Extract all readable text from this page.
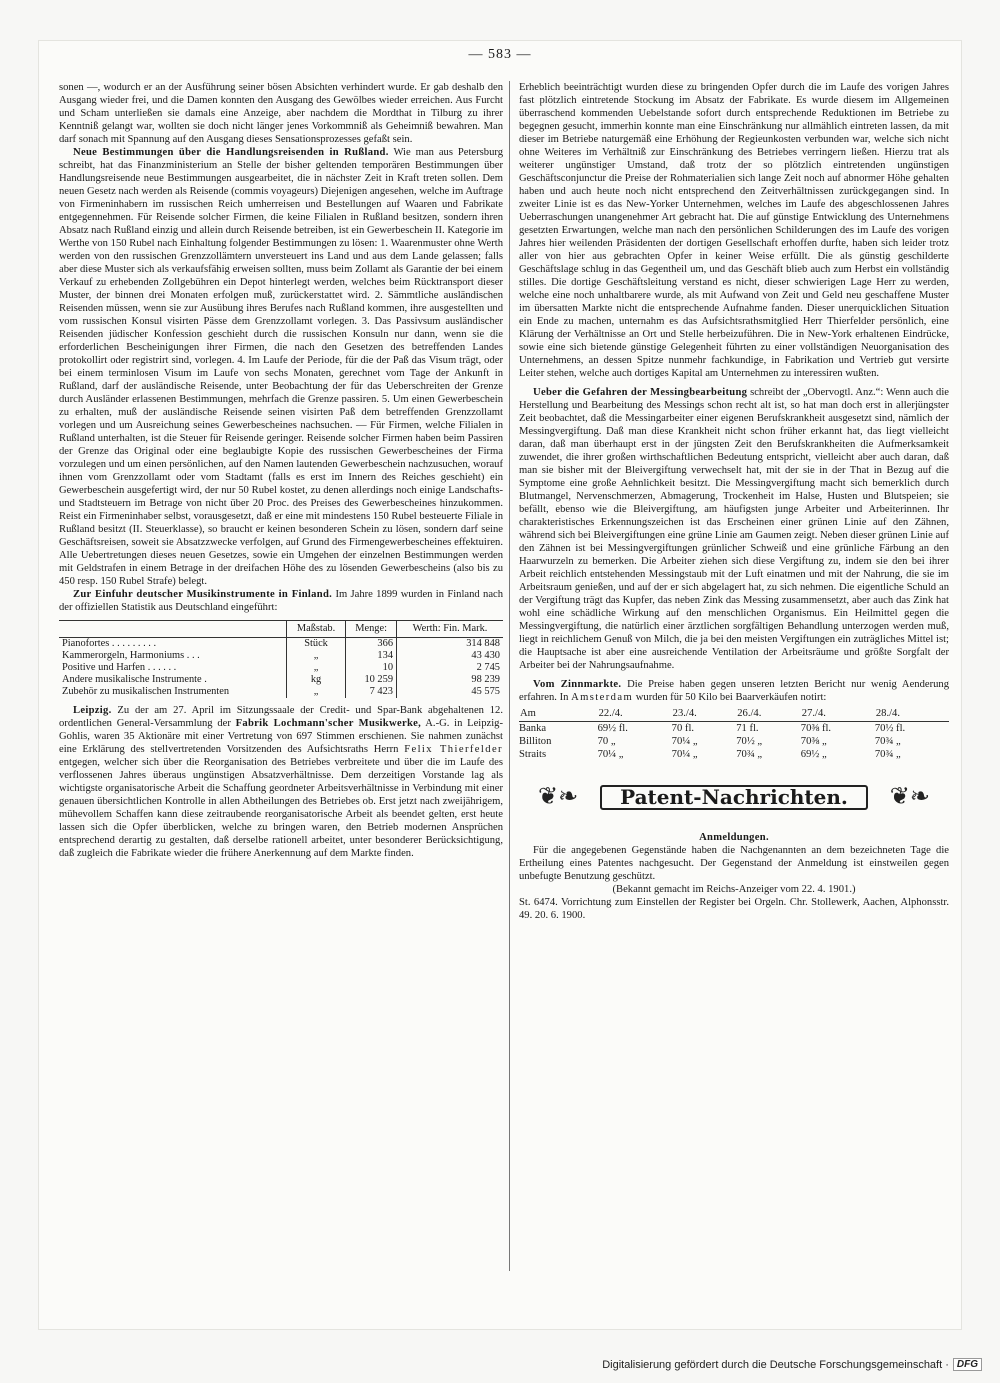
— 583 —

sonen —, wodurch er an der Ausführung seiner bösen Absichten verhindert wurde. Er gab deshalb den Ausgang wieder frei, und die Damen konnten den Ausgang des Gewölbes wieder erreichen. Aus Furcht und Scham unterließen sie damals eine Anzeige, aber nachdem die Mordthat in Tilburg zu ihrer Kenntniß gelangt war, wollten sie doch nicht länger jenes Vorkommniß als Geheimniß bewahren. Man darf sonach mit Spannung auf den Ausgang dieses Sensationsprozesses gefaßt sein.

Neue Bestimmungen über die Handlungsreisenden in Rußland. Wie man aus Petersburg schreibt, hat das Finanzministerium an Stelle der bisher geltenden temporären Bestimmungen über Handlungsreisende neue Bestimmungen ausgearbeitet, die in nächster Zeit in Kraft treten sollen. Dem neuen Gesetz nach werden als Reisende (commis voyageurs) Diejenigen angesehen, welche im Auftrage von Firmeninhabern im russischen Reich umherreisen und Bestellungen auf Waaren und Fabrikate entgegennehmen. Für Reisende solcher Firmen, die keine Filialen in Rußland besitzen, sondern ihren Absatz nach Rußland einzig und allein durch Reisende betreiben, ist ein Gewerbeschein II. Kategorie im Werthe von 150 Rubel nach Einhaltung folgender Bestimmungen zu lösen: 1. Waarenmuster ohne Werth werden von den russischen Grenzzollämtern unversteuert ins Land und aus dem Lande gelassen; falls aber diese Muster sich als verkaufsfähig erweisen sollten, muss beim Zollamt als Garantie der bei einem Verkauf zu erhebenden Zollgebühren ein Depot hinterlegt werden, welches beim Rücktransport dieser Muster, der binnen drei Monaten erfolgen muß, zurückerstattet wird. 2. Sämmtliche ausländischen Reisenden müssen, wenn sie zur Ausübung ihres Berufes nach Rußland kommen, ihre ausgestellten und vom russischen Konsul visirten Pässe dem Grenzzollamt vorlegen. 3. Das Passivsum ausländischer Reisenden jüdischer Konfession geschieht durch die russischen Konsuln nur dann, wenn sie die erforderlichen Bescheinigungen ihrer Firmen, die nach den Gesetzen des betreffenden Landes protokollirt oder registrirt sind, vorlegen. 4. Im Laufe der Periode, für die der Paß das Visum trägt, oder bei einem terminlosen Visum im Laufe von sechs Monaten, gerechnet vom Tage der Ankunft in Rußland, darf der ausländische Reisende, unter Beobachtung der für das Ueberschreiten der Grenze durch Ausländer erlassenen Bestimmungen, mehrfach die Grenze passiren. 5. Um einen Gewerbeschein zu erhalten, muß der ausländische Reisende seinen visirten Paß dem betreffenden Grenzzollamt vorlegen und um Ausreichung seines Gewerbescheines nachsuchen. — Für Firmen, welche Filialen in Rußland unterhalten, ist die Steuer für Reisende geringer. Reisende solcher Firmen haben beim Passiren der Grenze das Original oder eine beglaubigte Kopie des russischen Gewerbescheines der Firma vorzulegen und um einen persönlichen, auf den Namen lautenden Gewerbeschein nachzusuchen, worauf ihnen vom Grenzzollamt oder vom Stadtamt (falls es erst im Innern des Reiches geschieht) ein Gewerbeschein ausgefertigt wird, der nur 50 Rubel kostet, zu denen allerdings noch einige Landschafts- und Stadtsteuern im Betrage von nicht über 20 Proc. des Preises des Gewerbescheines hinzukommen. Reist ein Firmeninhaber selbst, vorausgesetzt, daß er eine mit mindestens 150 Rubel besteuerte Filiale in Rußland besitzt (II. Steuerklasse), so braucht er keinen besonderen Schein zu lösen, sondern darf seine Geschäftsreisen, soweit sie Absatzzwecke verfolgen, auf Grund des Firmengewerbescheines effektuiren. Alle Uebertretungen dieses neuen Gesetzes, sowie ein Umgehen der einzelnen Bestimmungen werden mit Geldstrafen in einem Betrage in der dreifachen Höhe des zu lösenden Gewerbescheins (also bis zu 450 resp. 150 Rubel Strafe) belegt.

Zur Einfuhr deutscher Musikinstrumente in Finland. Im Jahre 1899 wurden in Finland nach der offiziellen Statistik aus Deutschland eingeführt:

	Maßstab.	Menge:	Werth: Fin. Mark.
Pianofortes . . . . . . . . .	Stück	366	314 848
Kammerorgeln, Harmoniums . . .	„	134	43 430
Positive und Harfen . . . . . .	„	10	2 745
Andere musikalische Instrumente .	kg	10 259	98 239
Zubehör zu musikalischen Instrumenten	„	7 423	45 575

Leipzig. Zu der am 27. April im Sitzungssaale der Credit- und Spar-Bank abgehaltenen 12. ordentlichen General-Versammlung der Fabrik Lochmann'scher Musikwerke, A.-G. in Leipzig-Gohlis, waren 35 Aktionäre mit einer Vertretung von 697 Stimmen erschienen. Sie nahmen zunächst eine Erklärung des stellvertretenden Vorsitzenden des Aufsichtsraths Herrn Felix Thierfelder entgegen, welcher sich über die Reorganisation des Betriebes verbreitete und über die im Laufe des verflossenen Jahres überaus ungünstigen Absatzverhältnisse. Dem derzeitigen Vorstande lag als wichtigste organisatorische Arbeit die Schaffung geordneter Arbeitsverhältnisse in Verbindung mit einer genauen übersichtlichen Kontrolle in allen Abtheilungen des Betriebes ob. Erst jetzt nach zweijährigem, mühevollem Schaffen kann diese zeitraubende reorganisatorische Arbeit als beendet gelten, erst heute lassen sich die Opfer überblicken, welche zu bringen waren, den Betrieb modernen Ansprüchen entsprechend derartig zu gestalten, daß derselbe rationell arbeitet, unter besonderer Berücksichtigung, daß zugleich die Fabrikate wieder die frühere Anerkennung auf dem Markte finden.

Erheblich beeinträchtigt wurden diese zu bringenden Opfer durch die im Laufe des vorigen Jahres fast plötzlich eintretende Stockung im Absatz der Fabrikate. Es wurde diesem im Allgemeinen überraschend kommenden Uebelstande sofort durch entsprechende Reduktionen im Betriebe zu begegnen gesucht, immerhin konnte man eine Einschränkung nur allmählich eintreten lassen, da mit dieser im Betriebe naturgemäß eine Erhöhung der Regieunkosten verbunden war, welche sich nicht ohne Weiteres im Verhältniß zur Einschränkung des Betriebes verringern ließen. Hierzu trat als weiterer ungünstiger Umstand, daß trotz der so plötzlich eintretenden ungünstigen Geschäftsconjunctur die Preise der Rohmaterialien sich lange Zeit noch auf abnormer Höhe gehalten haben und auch heute noch nicht entsprechend den Zeitverhältnissen zurückgegangen sind. In zweiter Linie ist es das New-Yorker Unternehmen, welches im Laufe des abgeschlossenen Jahres Ueberraschungen unangenehmer Art gebracht hat. Die auf günstige Entwicklung des Unternehmens gesetzten Erwartungen, welche man nach den persönlichen Schilderungen des im Laufe des vorigen Jahres hier weilenden Präsidenten der dortigen Gesellschaft erhoffen durfte, haben sich leider trotz aller von hier aus gebrachten Opfer in keiner Weise erfüllt. Die als günstig geschilderte Geschäftslage schlug in das Gegentheil um, und das Geschäft blieb auch zum Herbst ein vollständig stilles. Die dortige Geschäftsleitung verstand es nicht, dieser schwierigen Lage Herr zu werden, welche eine noch unhaltbarere wurde, als mit Aufwand von Zeit und Geld neu geschaffene Muster im übersatten Markte nicht die entsprechende Aufnahme fanden. Dieser unerquicklichen Situation ein Ende zu machen, unternahm es das Aufsichtsrathsmitglied Herr Thierfelder persönlich, eine Klärung der Verhältnisse an Ort und Stelle herbeizuführen. Die in New-York erhaltenen Eindrücke, sowie eine sich bietende günstige Gelegenheit führten zu einer vollständigen Neuorganisation des Unternehmens, an dessen Spitze nunmehr fachkundige, in Fabrikation und Vertrieb gut versirte Leiter stehen, welche auch dortiges Kapital am Unternehmen zu interessiren wußten.

Ueber die Gefahren der Messingbearbeitung schreibt der „Obervogtl. Anz.“: Wenn auch die Herstellung und Bearbeitung des Messings schon recht alt ist, so hat man doch erst in allerjüngster Zeit beobachtet, daß die Messingarbeiter einer eigenen Berufskrankheit ausgesetzt sind, nämlich der Messingvergiftung. Daß man diese Krankheit nicht schon früher erkannt hat, das liegt vielleicht daran, daß man überhaupt erst in der jüngsten Zeit den Berufskrankheiten die Aufmerksamkeit zuwendet, die ihrer großen wirthschaftlichen Bedeutung entspricht, vielleicht aber auch daran, daß man sie bisher mit der Bleivergiftung verwechselt hat, mit der sie in der That in Bezug auf die Symptome eine große Aehnlichkeit besitzt. Die Messingvergiftung macht sich bemerklich durch Blutmangel, Nervenschmerzen, Abmagerung, Trockenheit im Halse, Husten und Blutspeien; sie befällt, ebenso wie die Bleivergiftung, am häufigsten junge Arbeiter und Arbeiterinnen. Ihr charakteristisches Erkennungszeichen ist das Erscheinen einer grünen Linie auf den Zähnen, während sich bei Bleivergiftungen eine grüne Linie am Gaumen zeigt. Neben dieser grünen Linie auf den Zähnen ist bei Messingvergiftungen grünlicher Schweiß und eine grünliche Färbung an den Haarwurzeln zu bemerken. Die Arbeiter ziehen sich diese Vergiftung zu, indem sie den bei ihrer Arbeit reichlich entstehenden Messingstaub mit der Luft einatmen und mit der Nahrung, die sie im Arbeitsraum genießen, und auf der er sich abgelagert hat, zu sich nehmen. Die eigentliche Schuld an der Vergiftung trägt das Kupfer, das neben Zink das Messing zusammensetzt, aber auch das Zink hat wohl eine schädliche Wirkung auf den menschlichen Organismus. Ein Heilmittel gegen die Messingvergiftung, die natürlich einer ärztlichen sorgfältigen Behandlung unterzogen werden muß, liegt in reichlichem Genuß von Milch, die ja bei den meisten Vergiftungen ein zuträgliches Mittel ist; die Hauptsache ist aber eine ausreichende Ventilation der Arbeitsräume und größte Sorgfalt der Arbeiter bei der Nahrungsaufnahme.

Vom Zinnmarkte. Die Preise haben gegen unseren letzten Bericht nur wenig Aenderung erfahren. In Amsterdam wurden für 50 Kilo bei Baarverkäufen notirt:

Am	22./4.	23./4.	26./4.	27./4.	28./4.
Banka	69½ fl.	70 fl.	71 fl.	70⅜ fl.	70½ fl.
Billiton	70 „	70¼ „	70½ „	70⅜ „	70¾ „
Straits	70¼ „	70¼ „	70¾ „	69½ „	70¾ „
❦❧	Patent-Nachrichten.	❦❧

Anmeldungen.

Für die angegebenen Gegenstände haben die Nachgenannten an dem bezeichneten Tage die Ertheilung eines Patentes nachgesucht. Der Gegenstand der Anmeldung ist einstweilen gegen unbefugte Benutzung geschützt.

(Bekannt gemacht im Reichs-Anzeiger vom 22. 4. 1901.)

St. 6474. Vorrichtung zum Einstellen der Register bei Orgeln. Chr. Stollewerk, Aachen, Alphonsstr. 49. 20. 6. 1900.

Digitalisierung gefördert durch die Deutsche Forschungsgemeinschaft · DFG
